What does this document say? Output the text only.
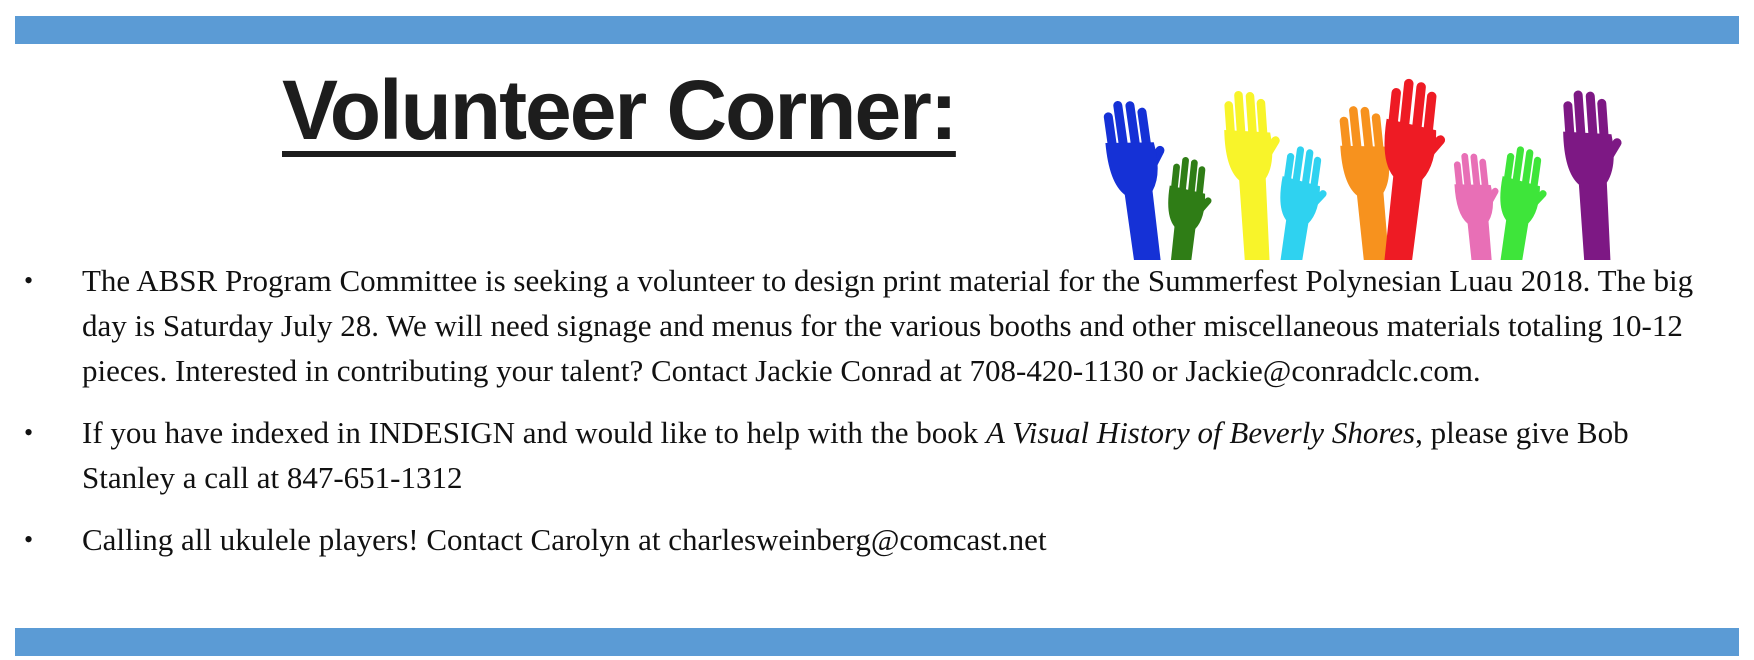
Volunteer Corner:
• The ABSR Program Committee is seeking a volunteer to design print material for the Summerfest Polynesian Luau 2018. The big day is Saturday July 28. We will need signage and menus for the various booths and other miscellaneous materials totaling 10-12 pieces. Interested in contributing your talent? Contact Jackie Conrad at 708-420-1130 or Jackie@conradclc.com.
• If you have indexed in INDESIGN and would like to help with the book A Visual History of Beverly Shores, please give Bob Stanley a call at 847-651-1312
• Calling all ukulele players! Contact Carolyn at charlesweinberg@comcast.net
